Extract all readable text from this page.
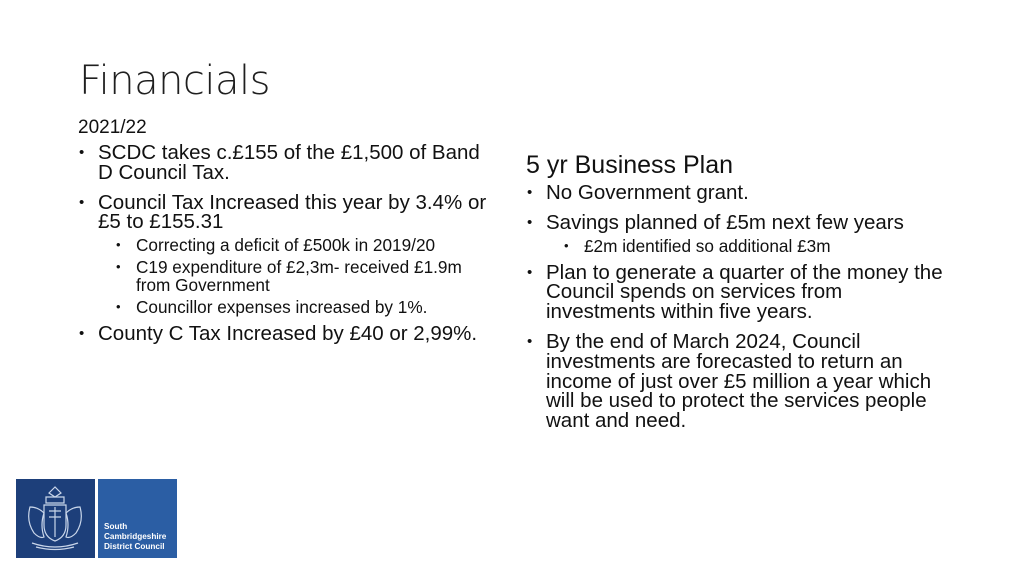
Financials
2021/22
• SCDC takes c.£155 of the £1,500 of Band D Council Tax.
• Council Tax Increased this year by 3.4% or £5 to £155.31
• Correcting a deficit of £500k in 2019/20
• C19 expenditure of £2,3m- received £1.9m from Government
• Councillor expenses increased by 1%.
• County C Tax Increased by £40 or 2,99%.
5 yr Business Plan
• No Government grant.
• Savings planned of £5m next few years
• £2m identified so additional £3m
• Plan to generate a quarter of the money the Council spends on services from investments within five years.
• By the end of March 2024, Council investments are forecasted to return an income of just over £5 million a year which will be used to protect the services people want and need.
South
Cambridgeshire
District Council
